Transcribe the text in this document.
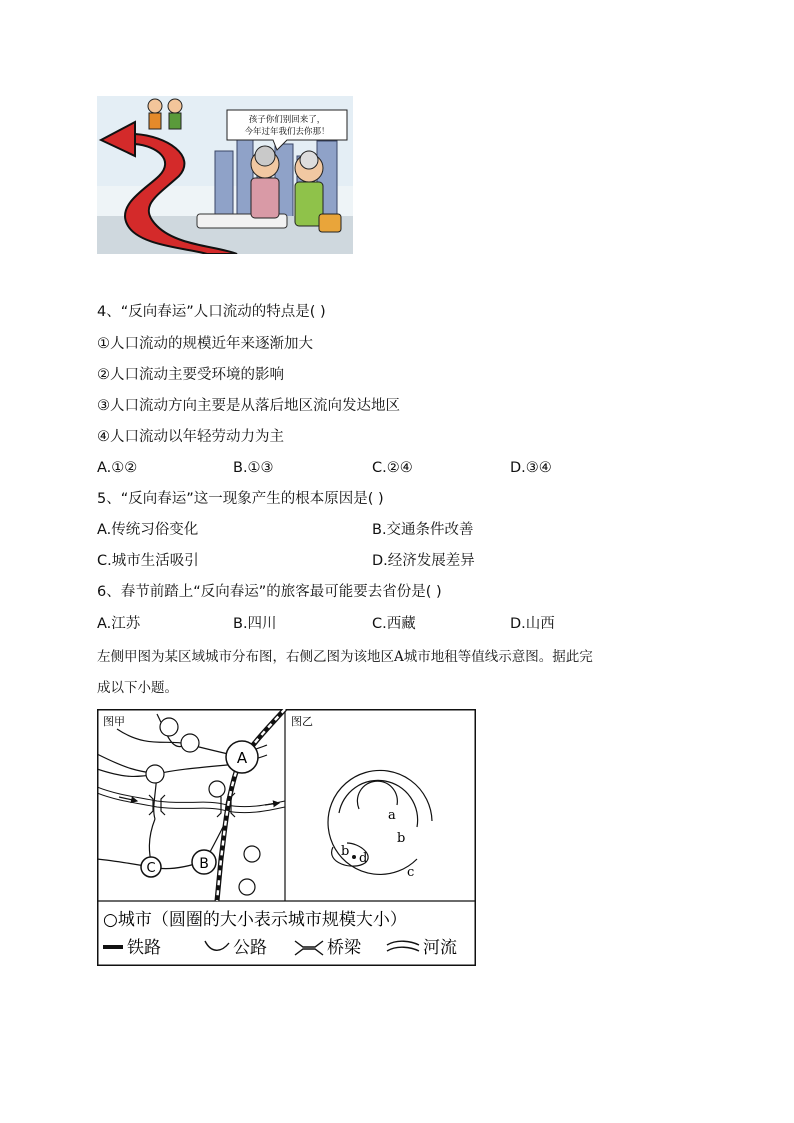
孩子你们别回来了，
今年过年我们去你那！
4、“反向春运”人口流动的特点是( )
①人口流动的规模近年来逐渐加大
②人口流动主要受环境的影响
③人口流动方向主要是从落后地区流向发达地区
④人口流动以年轻劳动力为主
A.①②	B.①③	C.②④	D.③④
5、“反向春运”这一现象产生的根本原因是( )
A.传统习俗变化	B.交通条件改善
C.城市生活吸引	D.经济发展差异
6、春节前踏上“反向春运”的旅客最可能要去省份是( )
A.江苏	B.四川	C.西藏	D.山西
左侧甲图为某区域城市分布图，右侧乙图为该地区A城市地租等值线示意图。据此完
成以下小题。
图甲	图乙
A
B
C
a
b
b d
c
○城市（圆圈的大小表示城市规模大小）
铁路	公路	桥梁	河流
